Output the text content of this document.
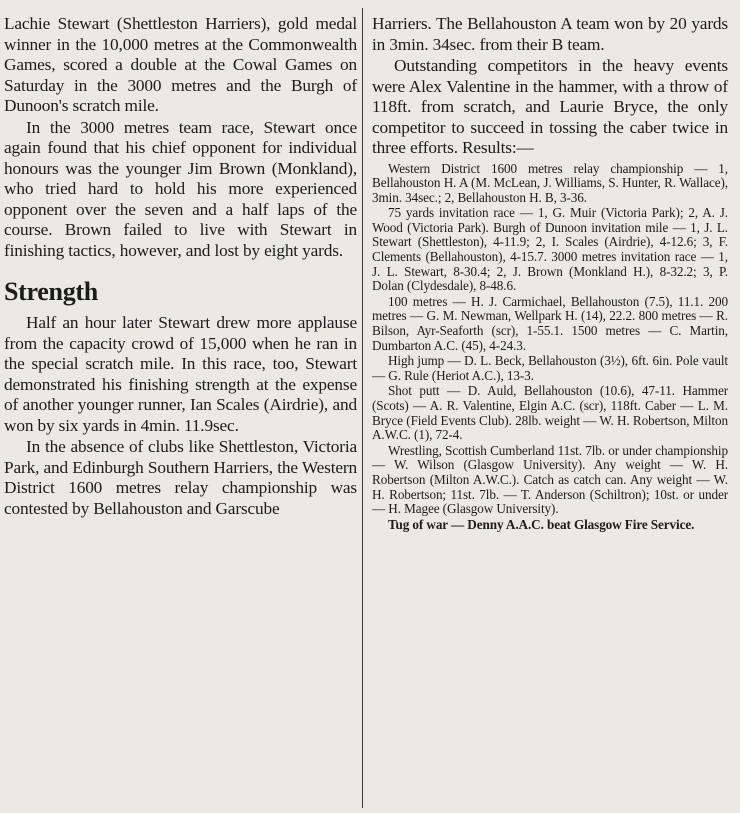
Lachie Stewart (Shettleston Harriers), gold medal winner in the 10,000 metres at the Commonwealth Games, scored a double at the Cowal Games on Saturday in the 3000 metres and the Burgh of Dunoon's scratch mile.

In the 3000 metres team race, Stewart once again found that his chief opponent for individual honours was the younger Jim Brown (Monkland), who tried hard to hold his more experienced opponent over the seven and a half laps of the course. Brown failed to live with Stewart in finishing tactics, however, and lost by eight yards.

Strength

Half an hour later Stewart drew more applause from the capacity crowd of 15,000 when he ran in the special scratch mile. In this race, too, Stewart demonstrated his finishing strength at the expense of another younger runner, Ian Scales (Airdrie), and won by six yards in 4min. 11.9sec.

In the absence of clubs like Shettleston, Victoria Park, and Edinburgh Southern Harriers, the Western District 1600 metres relay championship was contested by Bellahouston and Garscube

Harriers. The Bellahouston A team won by 20 yards in 3min. 34sec. from their B team.

Outstanding competitors in the heavy events were Alex Valentine in the hammer, with a throw of 118ft. from scratch, and Laurie Bryce, the only competitor to succeed in tossing the caber twice in three efforts. Results:—

Western District 1600 metres relay championship — 1, Bellahouston H. A (M. McLean, J. Williams, S. Hunter, R. Wallace), 3min. 34sec.; 2, Bellahouston H. B, 3-36.

75 yards invitation race — 1, G. Muir (Victoria Park); 2, A. J. Wood (Victoria Park). Burgh of Dunoon invitation mile — 1, J. L. Stewart (Shettleston), 4-11.9; 2, I. Scales (Airdrie), 4-12.6; 3, F. Clements (Bellahouston), 4-15.7. 3000 metres invitation race — 1, J. L. Stewart, 8-30.4; 2, J. Brown (Monkland H.), 8-32.2; 3, P. Dolan (Clydesdale), 8-48.6.

100 metres — H. J. Carmichael, Bellahouston (7.5), 11.1. 200 metres — G. M. Newman, Wellpark H. (14), 22.2. 800 metres — R. Bilson, Ayr-Seaforth (scr), 1-55.1. 1500 metres — C. Martin, Dumbarton A.C. (45), 4-24.3.

High jump — D. L. Beck, Bellahouston (3½), 6ft. 6in. Pole vault — G. Rule (Heriot A.C.), 13-3.

Shot putt — D. Auld, Bellahouston (10.6), 47-11. Hammer (Scots) — A. R. Valentine, Elgin A.C. (scr), 118ft. Caber — L. M. Bryce (Field Events Club). 28lb. weight — W. H. Robertson, Milton A.W.C. (1), 72-4.

Wrestling, Scottish Cumberland 11st. 7lb. or under championship — W. Wilson (Glasgow University). Any weight — W. H. Robertson (Milton A.W.C.). Catch as catch can. Any weight — W. H. Robertson; 11st. 7lb. — T. Anderson (Schiltron); 10st. or under — H. Magee (Glasgow University).

Tug of war — Denny A.A.C. beat Glasgow Fire Service.
